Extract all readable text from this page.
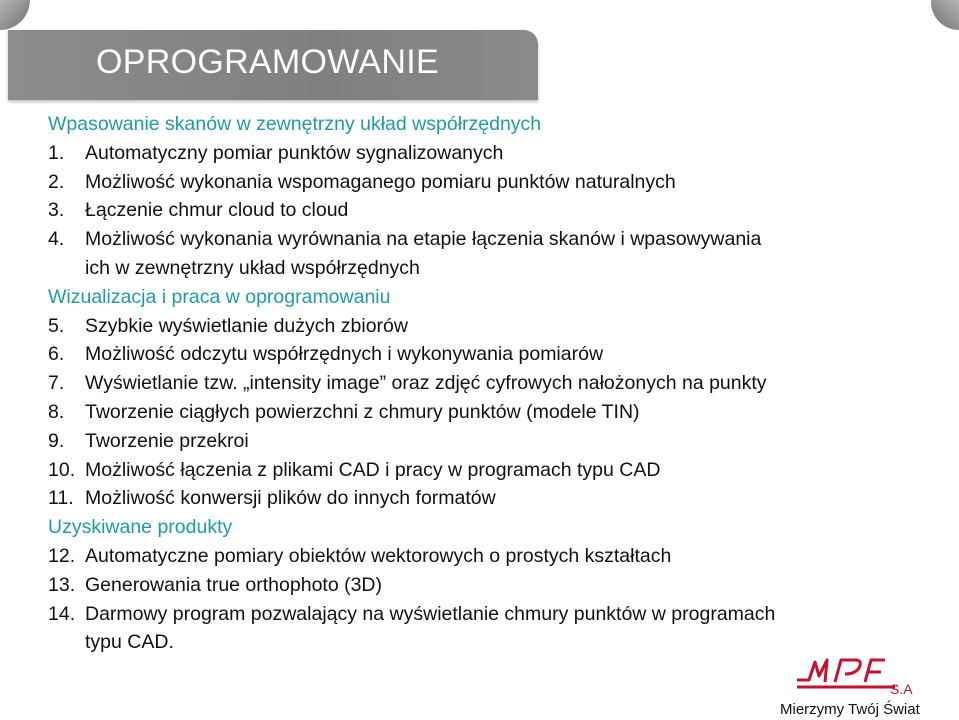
OPROGRAMOWANIE
Wpasowanie skanów w zewnętrzny układ współrzędnych
1.	Automatyczny pomiar punktów sygnalizowanych
2.	Możliwość wykonania wspomaganego pomiaru punktów naturalnych
3.	Łączenie chmur cloud to cloud
4.	Możliwość wykonania wyrównania na etapie łączenia skanów i wpasowywania
ich w zewnętrzny układ współrzędnych
Wizualizacja i praca w oprogramowaniu
5.	Szybkie wyświetlanie dużych zbiorów
6.	Możliwość odczytu współrzędnych i wykonywania pomiarów
7.	Wyświetlanie tzw. „intensity image” oraz zdjęć cyfrowych nałożonych na punkty
8.	Tworzenie ciągłych powierzchni z chmury punktów (modele TIN)
9.	Tworzenie przekroi
10. Możliwość łączenia z plikami CAD i pracy w programach typu CAD
11. Możliwość konwersji plików do innych formatów
Uzyskiwane produkty
12. Automatyczne pomiary obiektów wektorowych o prostych kształtach
13. Generowania true orthophoto (3D)
14. Darmowy program pozwalający na wyświetlanie chmury punktów w programach
typu CAD.
S.A
Mierzymy Twój Świat
